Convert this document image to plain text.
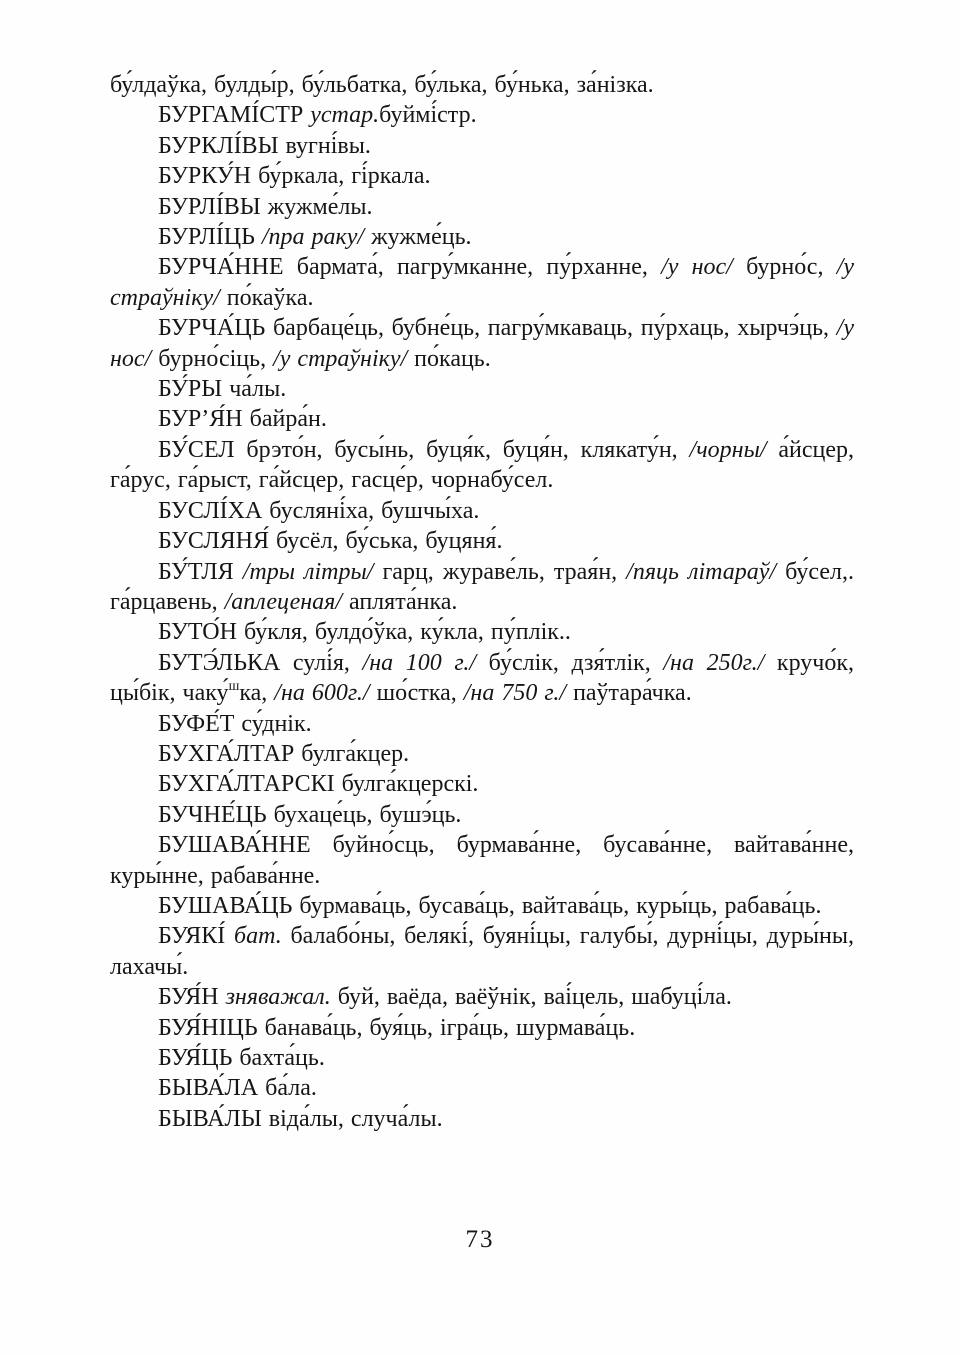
бу́лдаўка, булды́р, бу́льбатка, бу́лька, бу́нька, за́нізка.

БУРГАМІ́СТР устар.буймі́стр.

БУРКЛІ́ВЫ вугні́вы.

БУРКУ́Н бу́ркала, гі́ркала.

БУРЛІ́ВЫ жужме́лы.

БУРЛІ́ЦЬ /пра раку/ жужме́ць.

БУРЧА́ННЕ бармата́, пагру́мканне, пу́рханне, /у нос/ бурно́с, /у страўніку/ по́каўка.

БУРЧА́ЦЬ барбаце́ць, бубне́ць, пагру́мкаваць, пу́рхаць, хырчэ́ць, /у нос/ бурно́сіць, /у страўніку/ по́каць.

БУ́РЫ ча́лы.

БУР’Я́Н байра́н.

БУ́СЕЛ брэто́н, бусы́нь, буця́к, буця́н, клякату́н, /чорны/ а́йсцер, га́рус, га́рыст, га́йсцер, гасце́р, чорнабу́сел.

БУСЛІ́ХА бусляні́ха, бушчы́ха.

БУСЛЯНЯ́ бусёл, бу́ська, буцяня́.

БУ́ТЛЯ /тры літры/ гарц, жураве́ль, трая́н, /пяць літараў/ бу́сел,. га́рцавень, /аплеценая/ аплята́нка.

БУТО́Н бу́кля, булдо́ўка, ку́кла, пу́плік..

БУТЭ́ЛЬКА сулі́я, /на 100 г./ бу́слік, дзя́тлік, /на 250г./ кручо́к, цы́бік, чаку́$^ш$ка, /на 600г./ шо́стка, /на 750 г./ паўтара́чка.

БУФЕ́Т су́днік.

БУХГА́ЛТАР булга́кцер.

БУХГА́ЛТАРСКІ булга́кцерскі.

БУЧНЕ́ЦЬ бухаце́ць, бушэ́ць.

БУШАВА́ННЕ буйно́сць, бурмава́нне, бусава́нне, вайтава́нне, куры́нне, рабава́нне.

БУШАВА́ЦЬ бурмава́ць, бусава́ць, вайтава́ць, куры́ць, рабава́ць.

БУЯКІ́ бат. балабо́ны, белякі́, буяні́цы, галубы́, дурні́цы, дуры́ны, лахачы́.

БУЯ́Н зняважал. буй, ваёда, ваёўнік, ваі́цель, шабуці́ла.

БУЯ́НІЦЬ банава́ць, буя́ць, ігра́ць, шурмава́ць.

БУЯ́ЦЬ бахта́ць.

БЫВА́ЛА ба́ла.

БЫВА́ЛЫ віда́лы, случа́лы.

73
